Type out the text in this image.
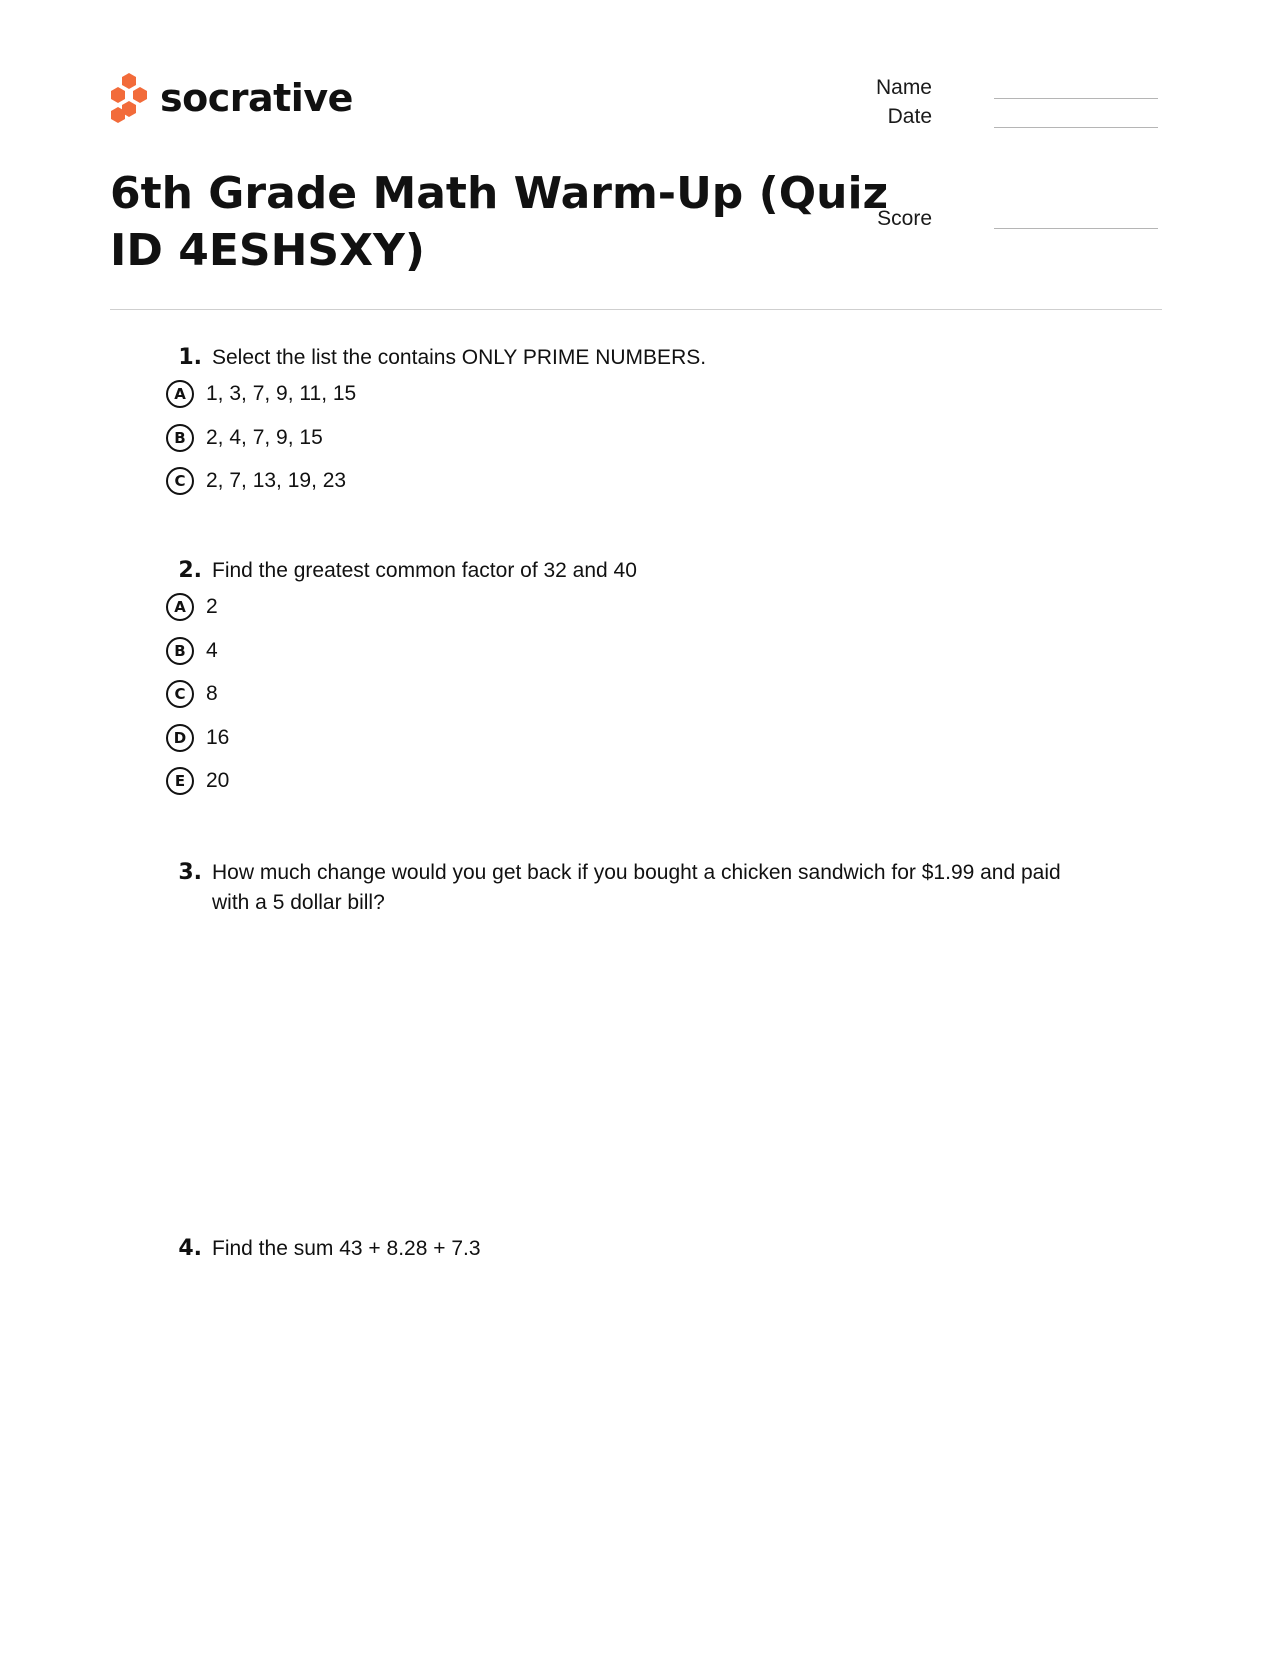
socrative	Name
Date
Score
6th Grade Math Warm-Up (Quiz ID 4ESHSXY)
1. Select the list the contains ONLY PRIME NUMBERS.
A 1, 3, 7, 9, 11, 15
B 2, 4, 7, 9, 15
C 2, 7, 13, 19, 23
2. Find the greatest common factor of 32 and 40
A 2
B 4
C 8
D 16
E 20
3. How much change would you get back if you bought a chicken sandwich for $1.99 and paid with a 5 dollar bill?
4. Find the sum 43 + 8.28 + 7.3
